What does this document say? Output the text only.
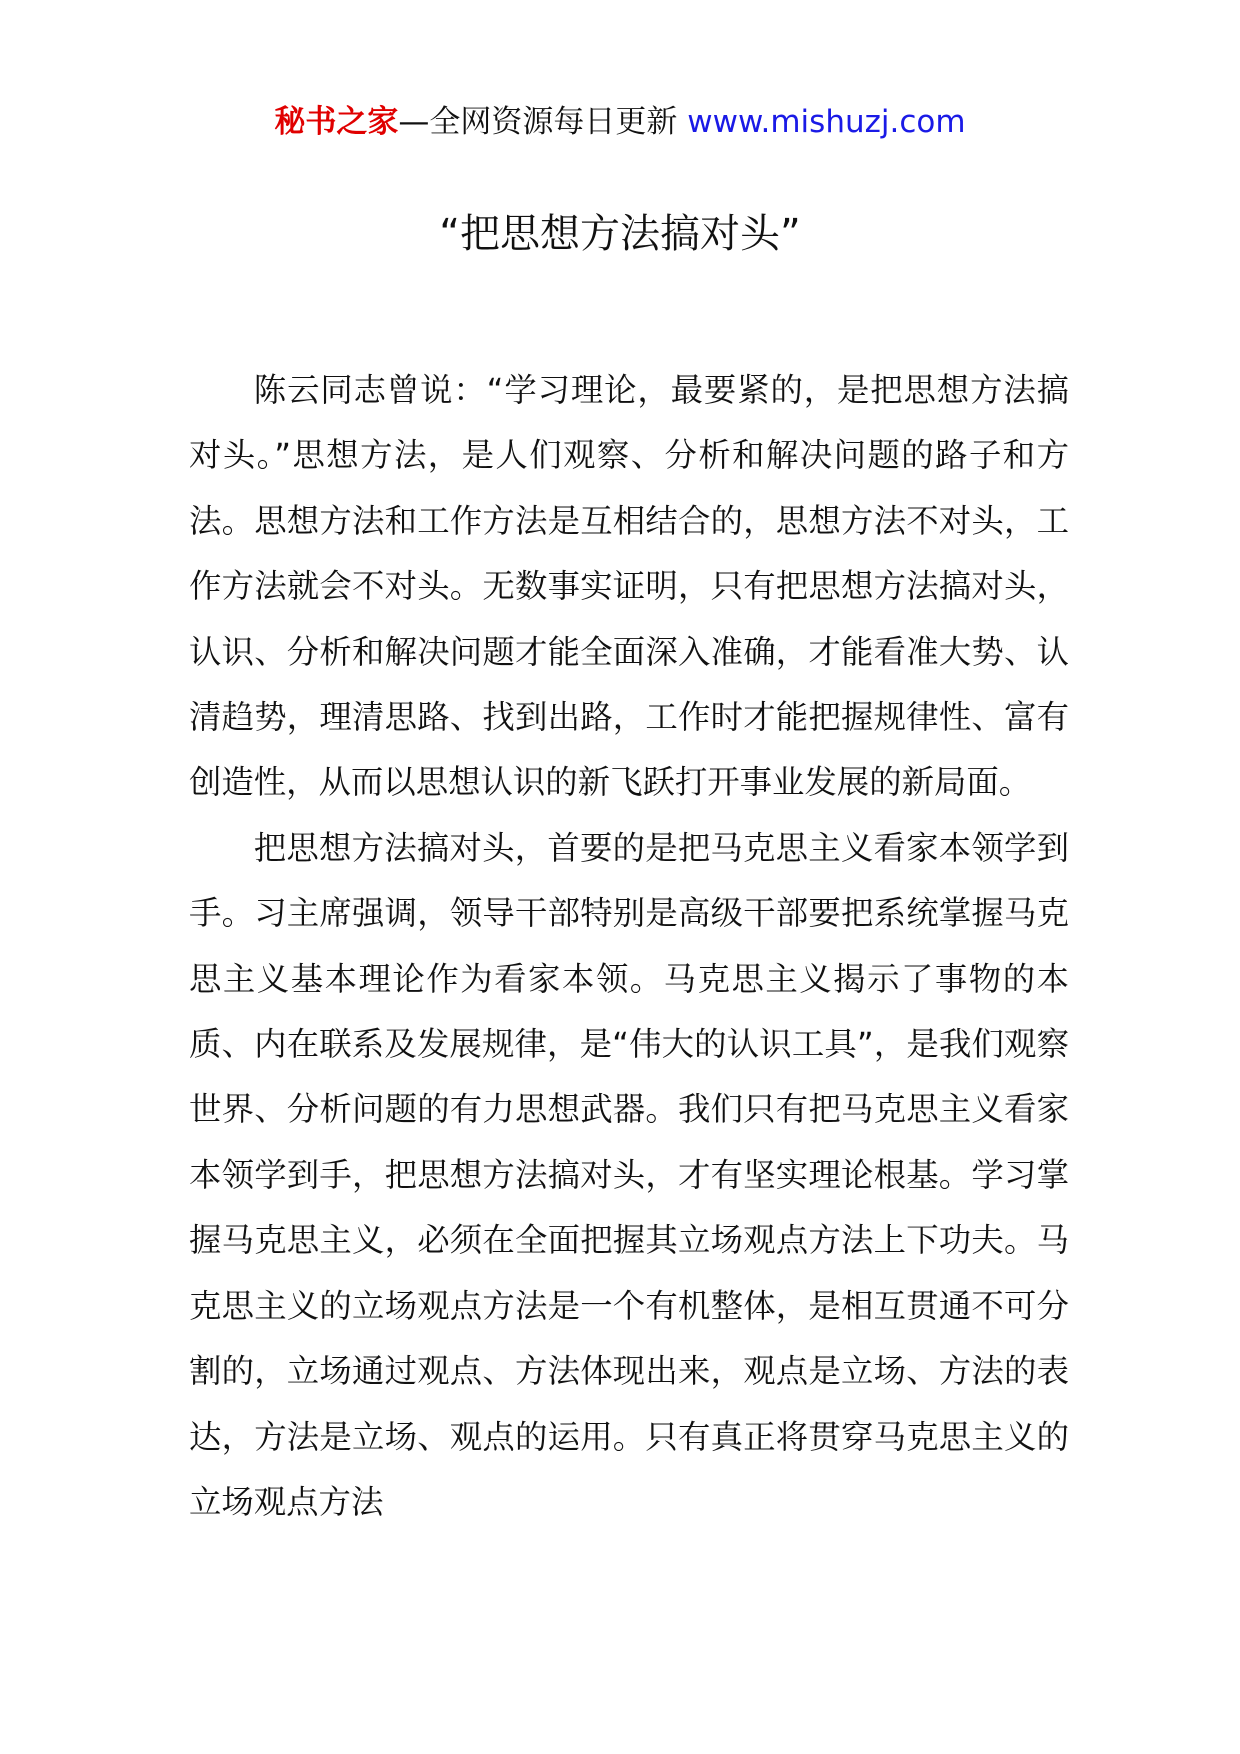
秘书之家—全网资源每日更新 www.mishuzj.com
“把思想方法搞对头”

陈云同志曾说：“学习理论，最要紧的，是把思想方法搞对头。”思想方法，是人们观察、分析和解决问题的路子和方法。思想方法和工作方法是互相结合的，思想方法不对头，工作方法就会不对头。无数事实证明，只有把思想方法搞对头，认识、分析和解决问题才能全面深入准确，才能看准大势、认清趋势，理清思路、找到出路，工作时才能把握规律性、富有创造性，从而以思想认识的新飞跃打开事业发展的新局面。

把思想方法搞对头，首要的是把马克思主义看家本领学到手。习主席强调，领导干部特别是高级干部要把系统掌握马克思主义基本理论作为看家本领。马克思主义揭示了事物的本质、内在联系及发展规律，是“伟大的认识工具”，是我们观察世界、分析问题的有力思想武器。我们只有把马克思主义看家本领学到手，把思想方法搞对头，才有坚实理论根基。学习掌握马克思主义，必须在全面把握其立场观点方法上下功夫。马克思主义的立场观点方法是一个有机整体，是相互贯通不可分割的，立场通过观点、方法体现出来，观点是立场、方法的表达，方法是立场、观点的运用。只有真正将贯穿马克思主义的立场观点方法
